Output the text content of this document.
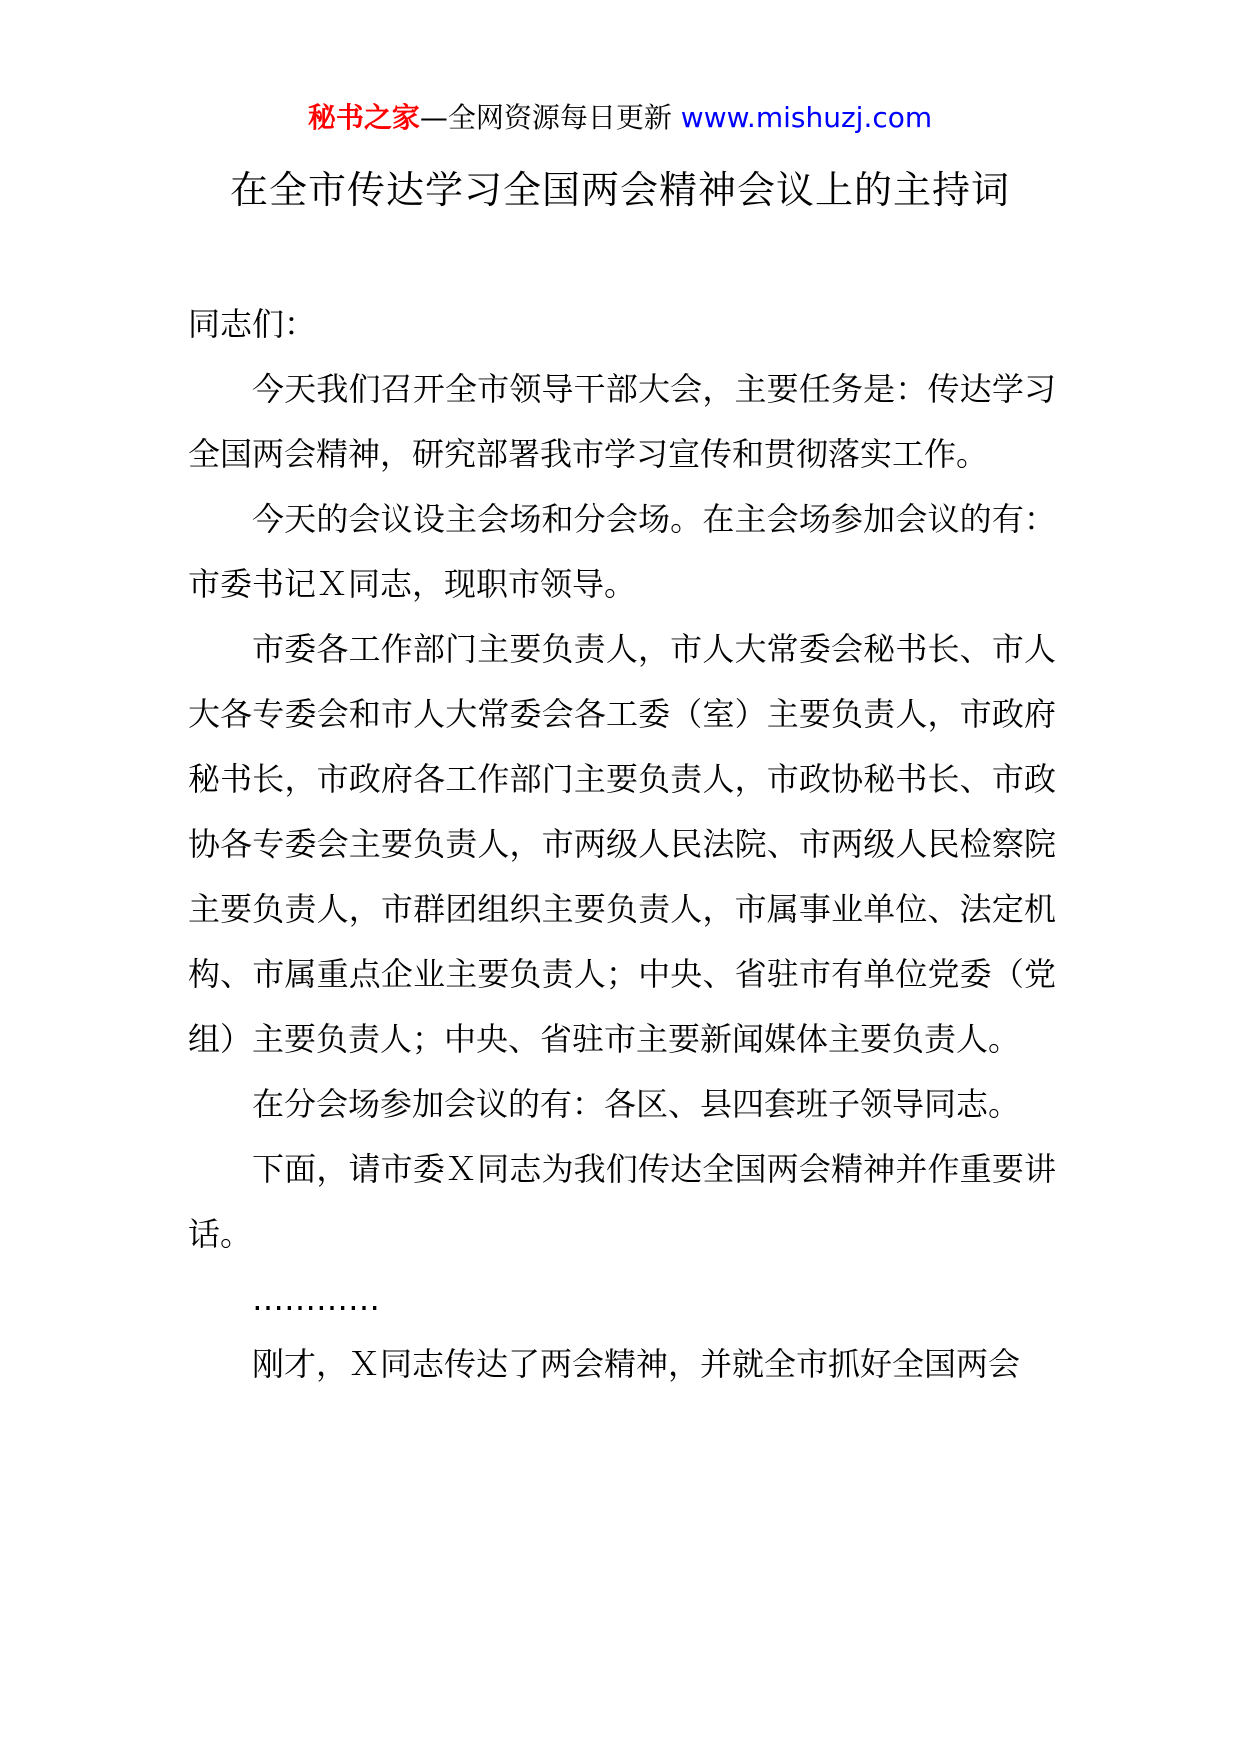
秘书之家—全网资源每日更新 www.mishuzj.com
在全市传达学习全国两会精神会议上的主持词

同志们：

今天我们召开全市领导干部大会，主要任务是：传达学习全国两会精神，研究部署我市学习宣传和贯彻落实工作。

今天的会议设主会场和分会场。在主会场参加会议的有：市委书记Ｘ同志，现职市领导。

市委各工作部门主要负责人，市人大常委会秘书长、市人大各专委会和市人大常委会各工委（室）主要负责人，市政府秘书长，市政府各工作部门主要负责人，市政协秘书长、市政协各专委会主要负责人，市两级人民法院、市两级人民检察院主要负责人，市群团组织主要负责人，市属事业单位、法定机构、市属重点企业主要负责人；中央、省驻市有单位党委（党组）主要负责人；中央、省驻市主要新闻媒体主要负责人。

在分会场参加会议的有：各区、县四套班子领导同志。

下面，请市委Ｘ同志为我们传达全国两会精神并作重要讲话。

…………

刚才，Ｘ同志传达了两会精神，并就全市抓好全国两会
